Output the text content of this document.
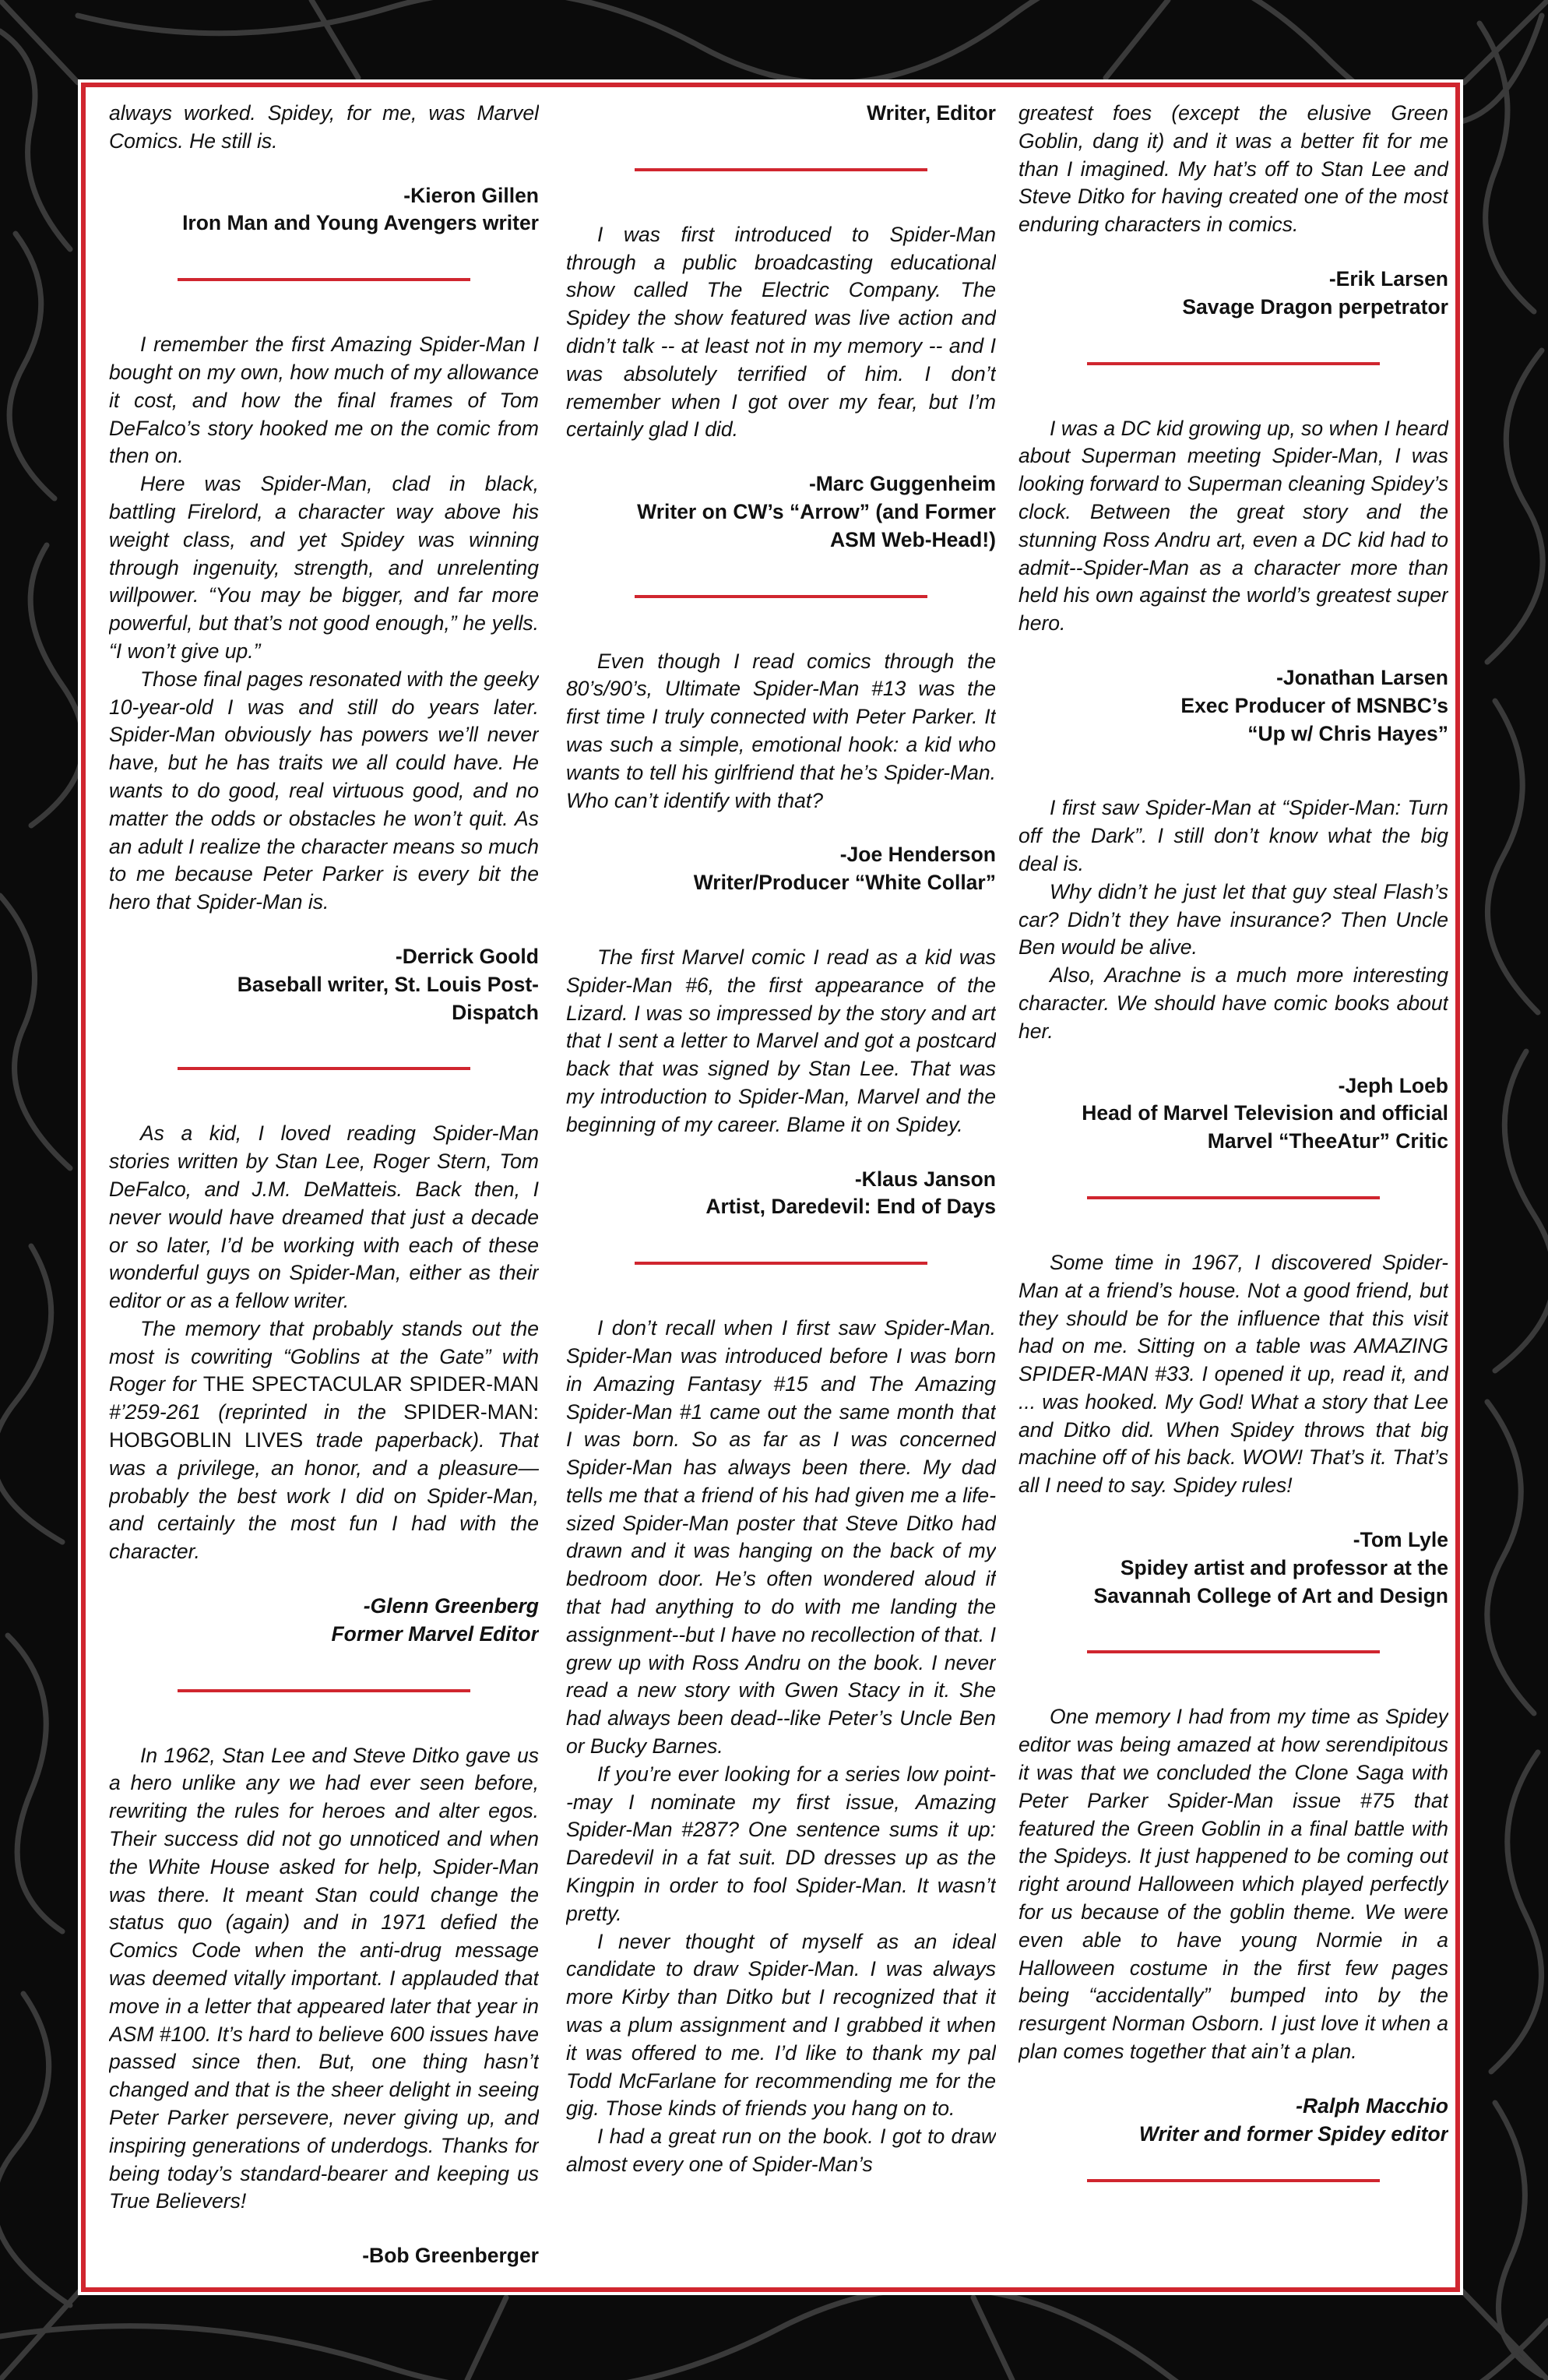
always worked. Spidey, for me, was Marvel Comics. He still is.

-Kieron Gillen
Iron Man and Young Avengers writer

I remember the first Amazing Spider-Man I bought on my own, how much of my allowance it cost, and how the final frames of Tom DeFalco’s story hooked me on the comic from then on.

Here was Spider-Man, clad in black, battling Firelord, a character way above his weight class, and yet Spidey was winning through ingenuity, strength, and unrelenting willpower. “You may be bigger, and far more powerful, but that’s not good enough,” he yells. “I won’t give up.”

Those final pages resonated with the geeky 10-year-old I was and still do years later. Spider-Man obviously has powers we’ll never have, but he has traits we all could have. He wants to do good, real virtuous good, and no matter the odds or obstacles he won’t quit. As an adult I realize the character means so much to me because Peter Parker is every bit the hero that Spider-Man is.

-Derrick Goold
Baseball writer, St. Louis Post-Dispatch

As a kid, I loved reading Spider-Man stories written by Stan Lee, Roger Stern, Tom DeFalco, and J.M. DeMatteis. Back then, I never would have dreamed that just a decade or so later, I’d be working with each of these wonderful guys on Spider-Man, either as their editor or as a fellow writer.

The memory that probably stands out the most is cowriting “Goblins at the Gate” with Roger for THE SPECTACULAR SPIDER-MAN #’259-261 (reprinted in the SPIDER-MAN: HOBGOBLIN LIVES trade paperback). That was a privilege, an honor, and a pleasure—probably the best work I did on Spider-Man, and certainly the most fun I had with the character.

-Glenn Greenberg
Former Marvel Editor

In 1962, Stan Lee and Steve Ditko gave us a hero unlike any we had ever seen before, rewriting the rules for heroes and alter egos. Their success did not go unnoticed and when the White House asked for help, Spider-Man was there. It meant Stan could change the status quo (again) and in 1971 defied the Comics Code when the anti-drug message was deemed vitally important. I applauded that move in a letter that appeared later that year in ASM #100. It’s hard to believe 600 issues have passed since then. But, one thing hasn’t changed and that is the sheer delight in seeing Peter Parker persevere, never giving up, and inspiring generations of underdogs. Thanks for being today’s standard-bearer and keeping us True Believers!

-Bob Greenberger
Writer, Editor

I was first introduced to Spider-Man through a public broadcasting educational show called The Electric Company. The Spidey the show featured was live action and didn’t talk -- at least not in my memory -- and I was absolutely terrified of him. I don’t remember when I got over my fear, but I’m certainly glad I did.

-Marc Guggenheim
Writer on CW’s “Arrow” (and Former ASM Web-Head!)

Even though I read comics through the 80’s/90’s, Ultimate Spider-Man #13 was the first time I truly connected with Peter Parker. It was such a simple, emotional hook: a kid who wants to tell his girlfriend that he’s Spider-Man. Who can’t identify with that?

-Joe Henderson
Writer/Producer “White Collar”

The first Marvel comic I read as a kid was Spider-Man #6, the first appearance of the Lizard. I was so impressed by the story and art that I sent a letter to Marvel and got a postcard back that was signed by Stan Lee. That was my introduction to Spider-Man, Marvel and the beginning of my career. Blame it on Spidey.

-Klaus Janson
Artist, Daredevil: End of Days

I don’t recall when I first saw Spider-Man. Spider-Man was introduced before I was born in Amazing Fantasy #15 and The Amazing Spider-Man #1 came out the same month that I was born. So as far as I was concerned Spider-Man has always been there. My dad tells me that a friend of his had given me a life-sized Spider-Man poster that Steve Ditko had drawn and it was hanging on the back of my bedroom door. He’s often wondered aloud if that had anything to do with me landing the assignment--but I have no recollection of that. I grew up with Ross Andru on the book. I never read a new story with Gwen Stacy in it. She had always been dead--like Peter’s Uncle Ben or Bucky Barnes.

If you’re ever looking for a series low point--may I nominate my first issue, Amazing Spider-Man #287? One sentence sums it up: Daredevil in a fat suit. DD dresses up as the Kingpin in order to fool Spider-Man. It wasn’t pretty.

I never thought of myself as an ideal candidate to draw Spider-Man. I was always more Kirby than Ditko but I recognized that it was a plum assignment and I grabbed it when it was offered to me. I’d like to thank my pal Todd McFarlane for recommending me for the gig. Those kinds of friends you hang on to.

I had a great run on the book. I got to draw almost every one of Spider-Man’s

greatest foes (except the elusive Green Goblin, dang it) and it was a better fit for me than I imagined. My hat’s off to Stan Lee and Steve Ditko for having created one of the most enduring characters in comics.

-Erik Larsen
Savage Dragon perpetrator

I was a DC kid growing up, so when I heard about Superman meeting Spider-Man, I was looking forward to Superman cleaning Spidey’s clock. Between the great story and the stunning Ross Andru art, even a DC kid had to admit--Spider-Man as a character more than held his own against the world’s greatest super hero.

-Jonathan Larsen
Exec Producer of MSNBC’s
“Up w/ Chris Hayes”

I first saw Spider-Man at “Spider-Man: Turn off the Dark”. I still don’t know what the big deal is.

Why didn’t he just let that guy steal Flash’s car? Didn’t they have insurance? Then Uncle Ben would be alive.

Also, Arachne is a much more interesting character. We should have comic books about her.

-Jeph Loeb
Head of Marvel Television and official Marvel “TheeAtur” Critic

Some time in 1967, I discovered Spider-Man at a friend’s house. Not a good friend, but they should be for the influence that this visit had on me. Sitting on a table was AMAZING SPIDER-MAN #33. I opened it up, read it, and ... was hooked. My God! What a story that Lee and Ditko did. When Spidey throws that big machine off of his back. WOW! That’s it. That’s all I need to say. Spidey rules!

-Tom Lyle
Spidey artist and professor at the Savannah College of Art and Design

One memory I had from my time as Spidey editor was being amazed at how serendipitous it was that we concluded the Clone Saga with Peter Parker Spider-Man issue #75 that featured the Green Goblin in a final battle with the Spideys. It just happened to be coming out right around Halloween which played perfectly for us because of the goblin theme. We were even able to have young Normie in a Halloween costume in the first few pages being “accidentally” bumped into by the resurgent Norman Osborn. I just love it when a plan comes together that ain’t a plan.

-Ralph Macchio
Writer and former Spidey editor
